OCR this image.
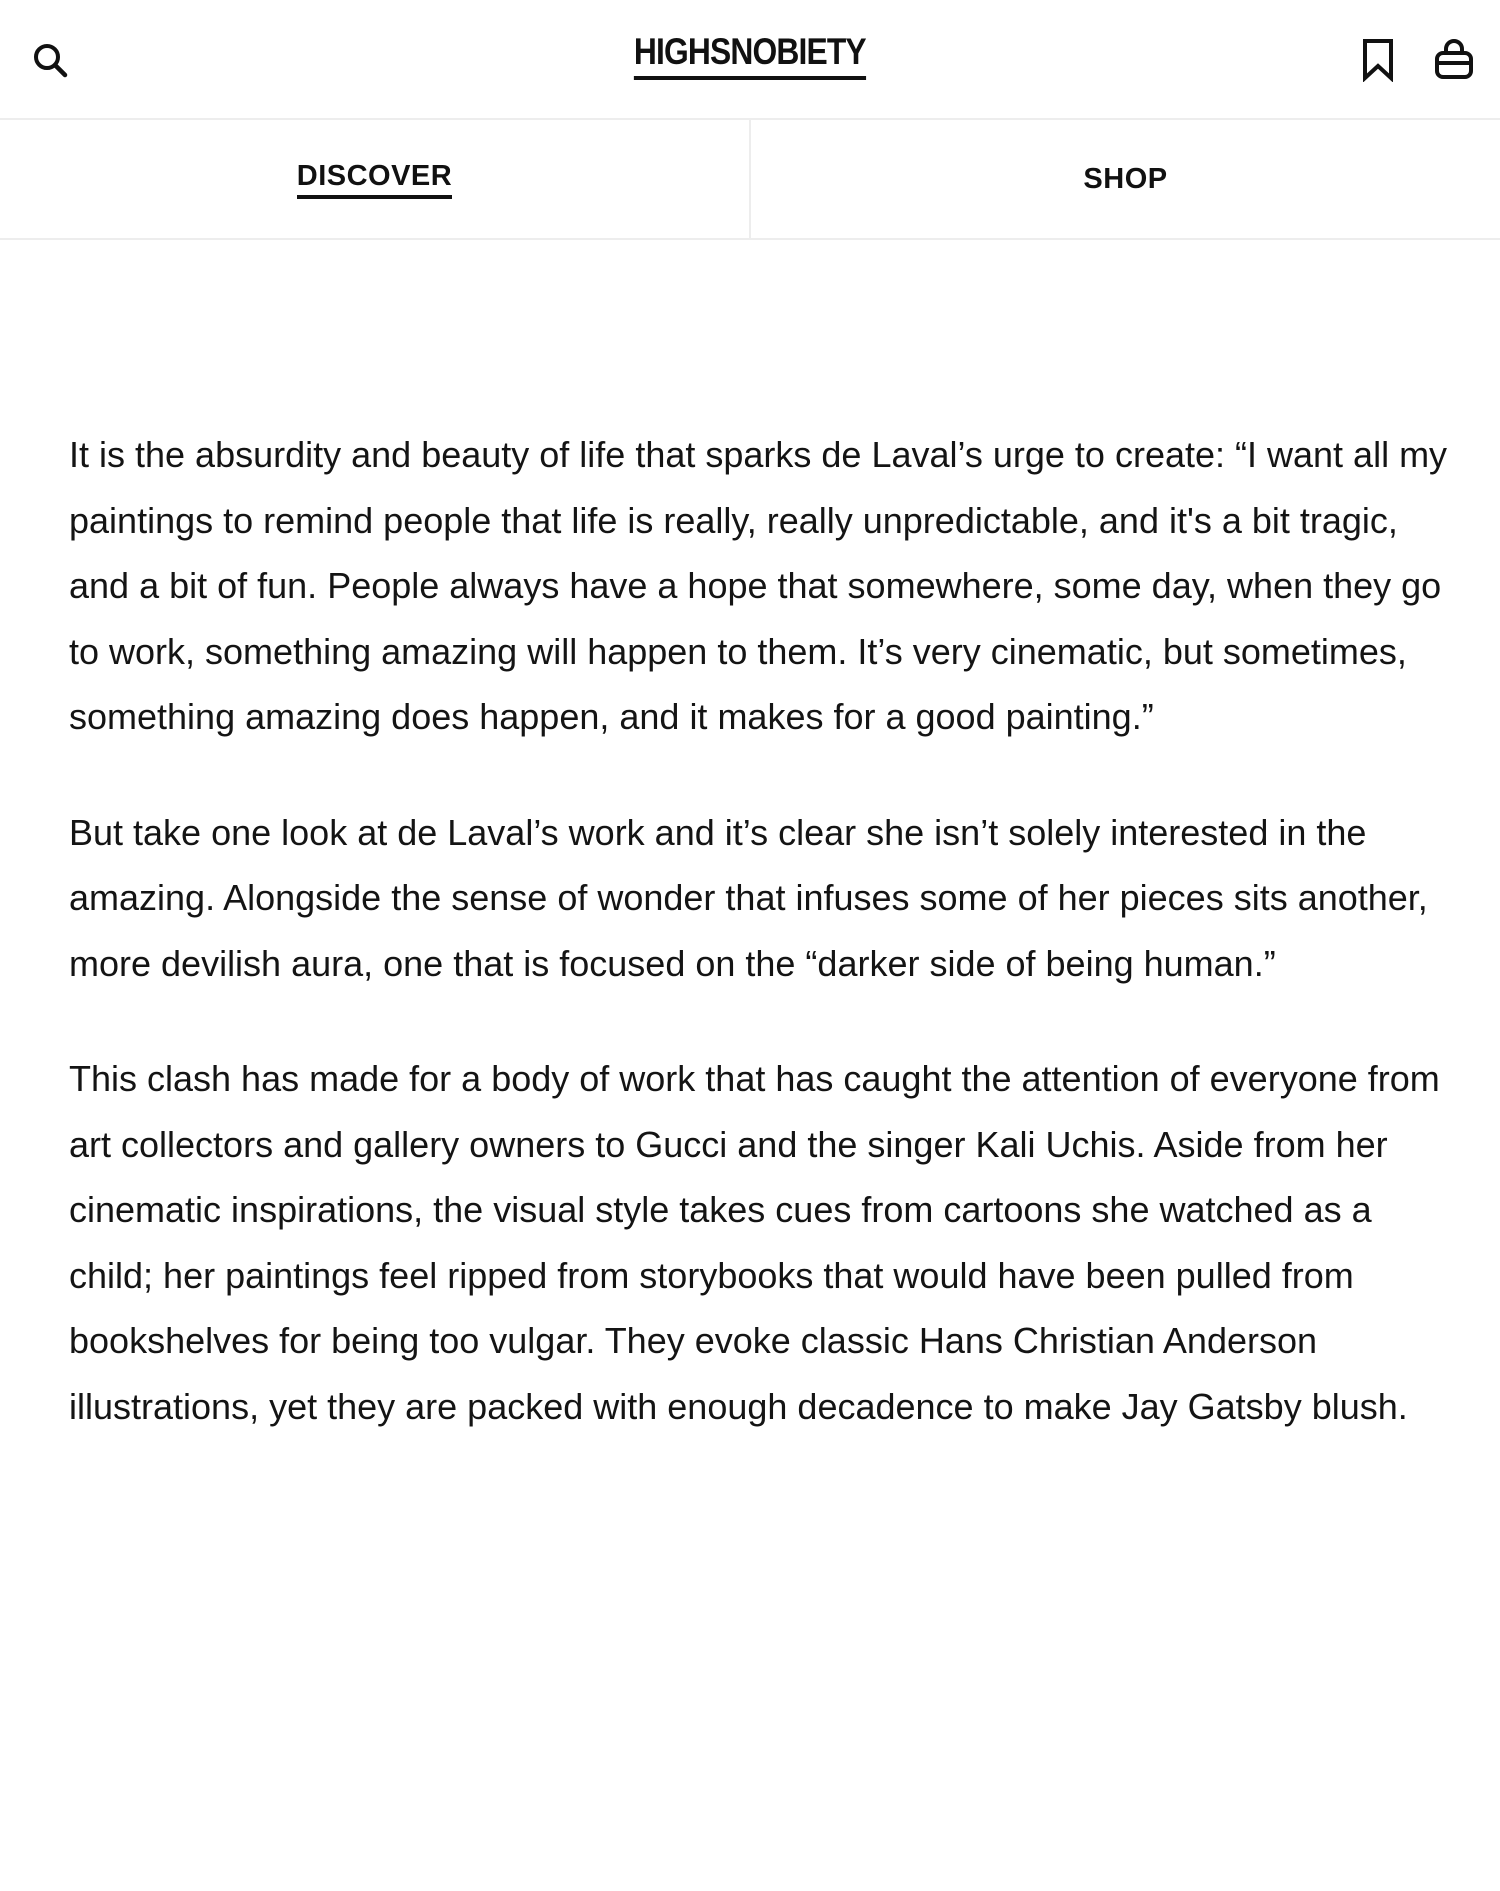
HIGHSNOBIETY
DISCOVER	SHOP

It is the absurdity and beauty of life that sparks de Laval’s urge to create: “I want all my paintings to remind people that life is really, really unpredictable, and it's a bit tragic, and a bit of fun. People always have a hope that somewhere, some day, when they go to work, something amazing will happen to them. It’s very cinematic, but sometimes, something amazing does happen, and it makes for a good painting.”

But take one look at de Laval’s work and it’s clear she isn’t solely interested in the amazing. Alongside the sense of wonder that infuses some of her pieces sits another, more devilish aura, one that is focused on the “darker side of being human.”

This clash has made for a body of work that has caught the attention of everyone from art collectors and gallery owners to Gucci and the singer Kali Uchis. Aside from her cinematic inspirations, the visual style takes cues from cartoons she watched as a child; her paintings feel ripped from storybooks that would have been pulled from bookshelves for being too vulgar. They evoke classic Hans Christian Anderson illustrations, yet they are packed with enough decadence to make Jay Gatsby blush.
